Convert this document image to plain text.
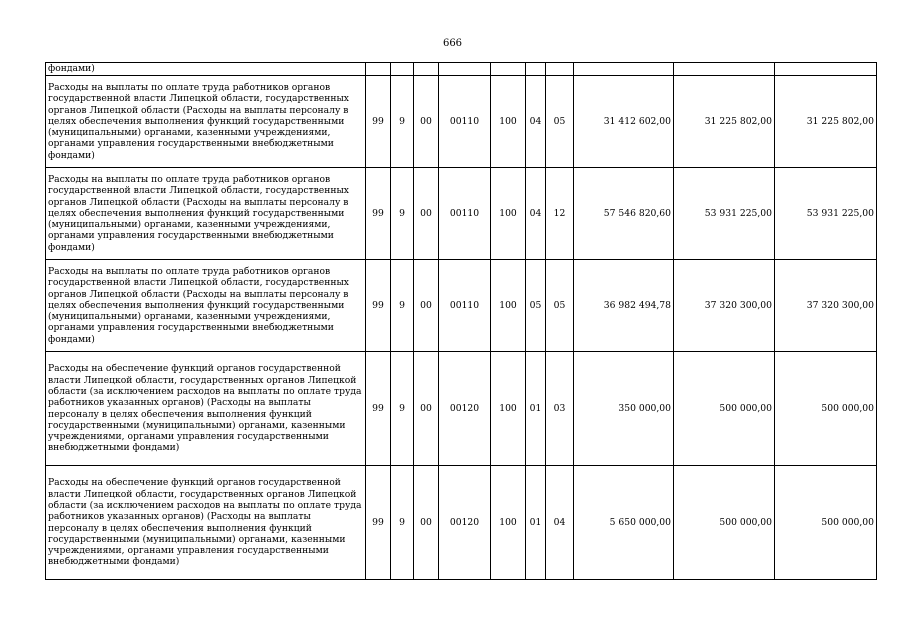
666
фондами)										
Расходы на выплаты по оплате труда работников органов государственной власти Липецкой области, государственных органов Липецкой области (Расходы на выплаты персоналу в целях обеспечения выполнения функций государственными (муниципальными) органами, казенными учреждениями, органами управления государственными внебюджетными фондами)	99	9	00	00110	100	04	05	31 412 602,00	31 225 802,00	31 225 802,00
Расходы на выплаты по оплате труда работников органов государственной власти Липецкой области, государственных органов Липецкой области (Расходы на выплаты персоналу в целях обеспечения выполнения функций государственными (муниципальными) органами, казенными учреждениями, органами управления государственными внебюджетными фондами)	99	9	00	00110	100	04	12	57 546 820,60	53 931 225,00	53 931 225,00
Расходы на выплаты по оплате труда работников органов государственной власти Липецкой области, государственных органов Липецкой области (Расходы на выплаты персоналу в целях обеспечения выполнения функций государственными (муниципальными) органами, казенными учреждениями, органами управления государственными внебюджетными фондами)	99	9	00	00110	100	05	05	36 982 494,78	37 320 300,00	37 320 300,00
Расходы на обеспечение функций органов государственной власти Липецкой области, государственных органов Липецкой области (за исключением расходов на выплаты по оплате труда работников указанных органов) (Расходы на выплаты персоналу в целях обеспечения выполнения функций государственными (муниципальными) органами, казенными учреждениями, органами управления государственными внебюджетными фондами)	99	9	00	00120	100	01	03	350 000,00	500 000,00	500 000,00
Расходы на обеспечение функций органов государственной власти Липецкой области, государственных органов Липецкой области (за исключением расходов на выплаты по оплате труда работников указанных органов) (Расходы на выплаты персоналу в целях обеспечения выполнения функций государственными (муниципальными) органами, казенными учреждениями, органами управления государственными внебюджетными фондами)	99	9	00	00120	100	01	04	5 650 000,00	500 000,00	500 000,00
